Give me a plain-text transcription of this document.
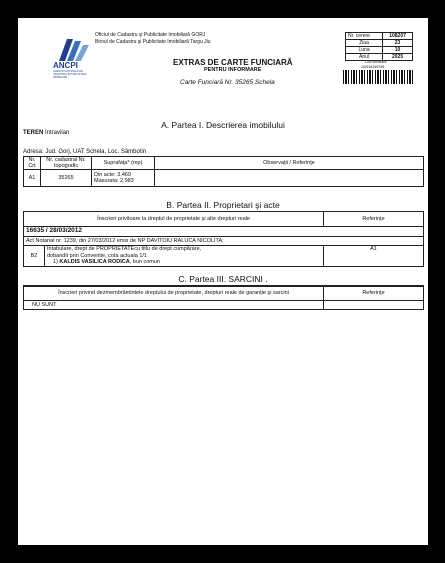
ANCPI
AGENŢIA NAŢIONALĂ DE CADASTRU ŞI PUBLICITATE IMOBILIARĂ
Oficiul de Cadastru şi Publicitate Imobiliară GORJ
Biroul de Cadastru şi Publicitate Imobiliară Targu Jiu
EXTRAS DE CARTE FUNCIARĂ
PENTRU INFORMARE
Carte Funciară Nr. 35265 Schela
Nr. cerere	108207
Ziua	23
Luna	10
Anul	2025
Cod verificare
100161159708
A. Partea I. Descrierea imobilului
TEREN Intravilan
Adresa: Jud. Gorj, UAT Schela, Loc. Sâmbotin
Nr. Crt	Nr. cadastral Nr. topografic	Suprafaţa* (mp)	Observaţii / Referinţe
A1	35265	Din acte: 3.469
Masurata: 2.983	

B. Partea II. Proprietari şi acte
Înscrieri privitoare la dreptul de proprietate şi alte drepturi reale		Referinţe
16635 / 28/03/2012		
Act Notarial nr. 1239, din 27/03/2012 emis de NP DAVITOIU RALUCA NICOLITA;		
B2	Intabulare, drept de PROPRIETATEcu titlu de drept cumpărare,
dobandit prin Conventie, cota actuala 1/1
1) KALDIS VASILICA RODICA, bun comun	A1
C. Partea III. SARCINI .
Înscrieri privind dezmembrămintele dreptului de proprietate, drepturi reale de garanţie şi sarcini	Referinţe
NU SUNT	
